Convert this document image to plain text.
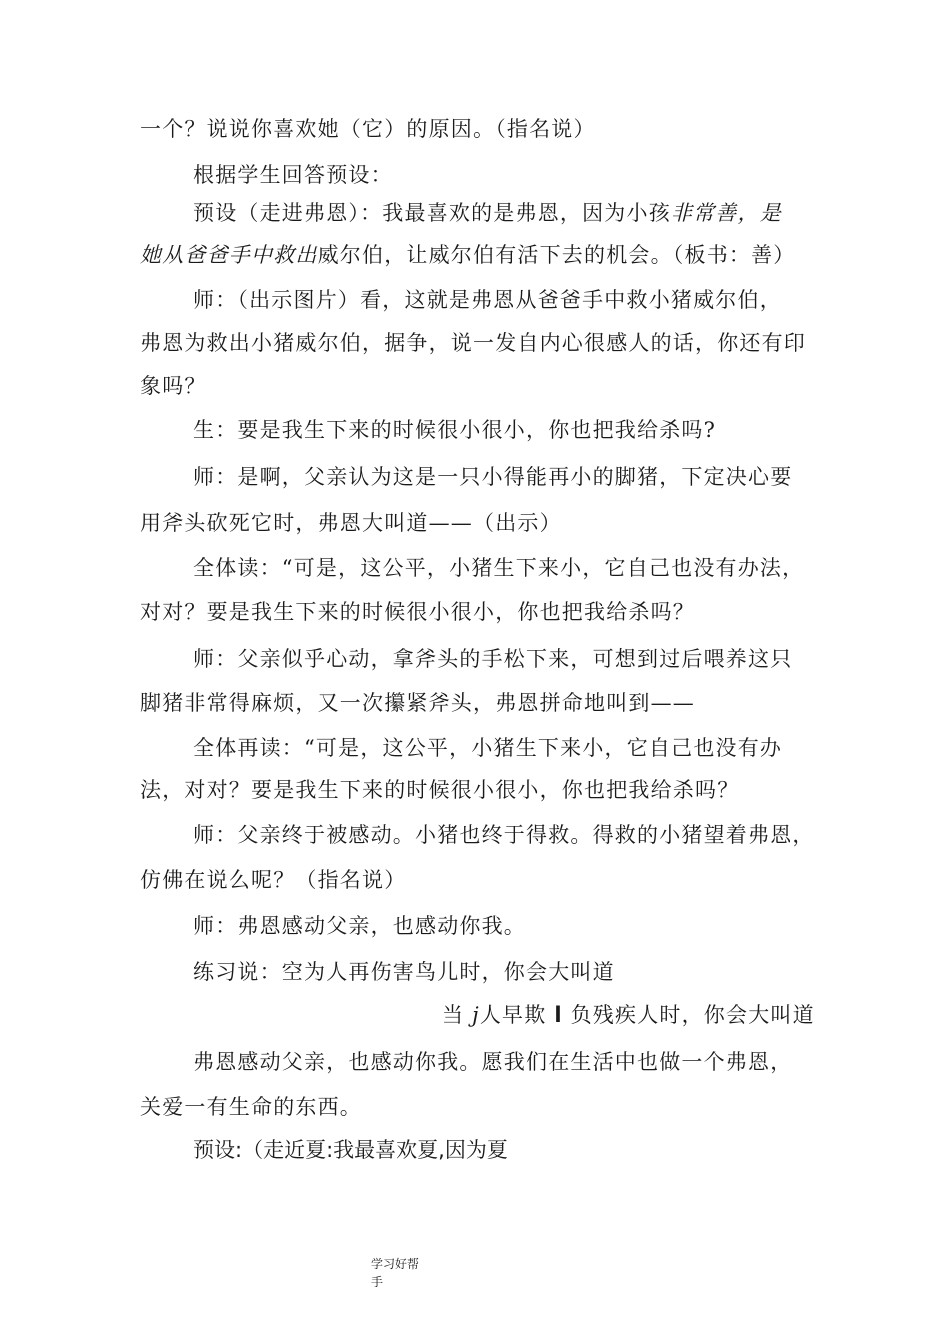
一个？说说你喜欢她（它）的原因。（指名说）
根据学生回答预设：
预设（走进弗恩）：我最喜欢的是弗恩，因为小孩非常善，是
她从爸爸手中救出威尔伯，让威尔伯有活下去的机会。（板书：善）
师：（出示图片）看，这就是弗恩从爸爸手中救小猪威尔伯，
弗恩为救出小猪威尔伯，据争，说一发自内心很感人的话，你还有印
象吗？
生：要是我生下来的时候很小很小，你也把我给杀吗?
师：是啊，父亲认为这是一只小得能再小的脚猪，下定决心要
用斧头砍死它时，弗恩大叫道——（出示）
全体读：“可是，这公平，小猪生下来小，它自己也没有办法，
对对？要是我生下来的时候很小很小，你也把我给杀吗？
师：父亲似乎心动，拿斧头的手松下来，可想到过后喂养这只
脚猪非常得麻烦，又一次攥紧斧头，弗恩拼命地叫到——
全体再读：“可是，这公平，小猪生下来小，它自己也没有办
法，对对？要是我生下来的时候很小很小，你也把我给杀吗？
师：父亲终于被感动。小猪也终于得救。得救的小猪望着弗恩，
仿佛在说么呢？（指名说）
师：弗恩感动父亲，也感动你我。
练习说：空为人再伤害鸟儿时，你会大叫道
当 j人早欺 l 负残疾人时，你会大叫道
弗恩感动父亲，也感动你我。愿我们在生活中也做一个弗恩，
关爱一有生命的东西。
预设:（走近夏:我最喜欢夏,因为夏
学习好帮
手
